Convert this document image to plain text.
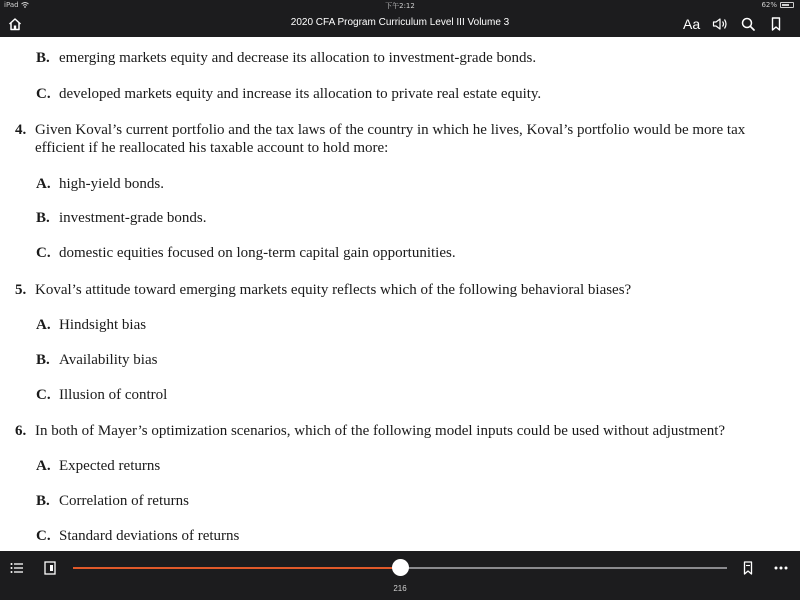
iPad	下午2:12	62%
2020 CFA Program Curriculum Level III Volume 3	Aa
B. emerging markets equity and decrease its allocation to investment-grade bonds.
C. developed markets equity and increase its allocation to private real estate equity.
4. Given Koval’s current portfolio and the tax laws of the country in which he lives, Koval’s portfolio would be more tax efficient if he reallocated his taxable account to hold more:
A. high-yield bonds.
B. investment-grade bonds.
C. domestic equities focused on long-term capital gain opportunities.
5. Koval’s attitude toward emerging markets equity reflects which of the following behavioral biases?
A. Hindsight bias
B. Availability bias
C. Illusion of control
6. In both of Mayer’s optimization scenarios, which of the following model inputs could be used without adjustment?
A. Expected returns
B. Correlation of returns
C. Standard deviations of returns
216
